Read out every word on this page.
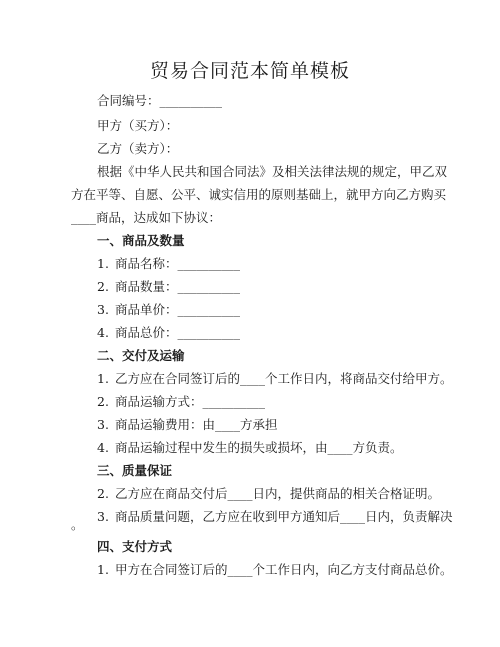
贸易合同范本简单模板
合同编号：__________
甲方（买方）：
乙方（卖方）：
根据《中华人民共和国合同法》及相关法律法规的规定，甲乙双
方在平等、自愿、公平、诚实信用的原则基础上，就甲方向乙方购买
____商品，达成如下协议：
一、商品及数量
1. 商品名称：__________
2. 商品数量：__________
3. 商品单价：__________
4. 商品总价：__________
二、交付及运输
1. 乙方应在合同签订后的____个工作日内，将商品交付给甲方。
2. 商品运输方式：__________
3. 商品运输费用：由____方承担
4. 商品运输过程中发生的损失或损坏，由____方负责。
三、质量保证
2. 乙方应在商品交付后____日内，提供商品的相关合格证明。
3. 商品质量问题，乙方应在收到甲方通知后____日内，负责解决
。
四、支付方式
1. 甲方在合同签订后的____个工作日内，向乙方支付商品总价。
